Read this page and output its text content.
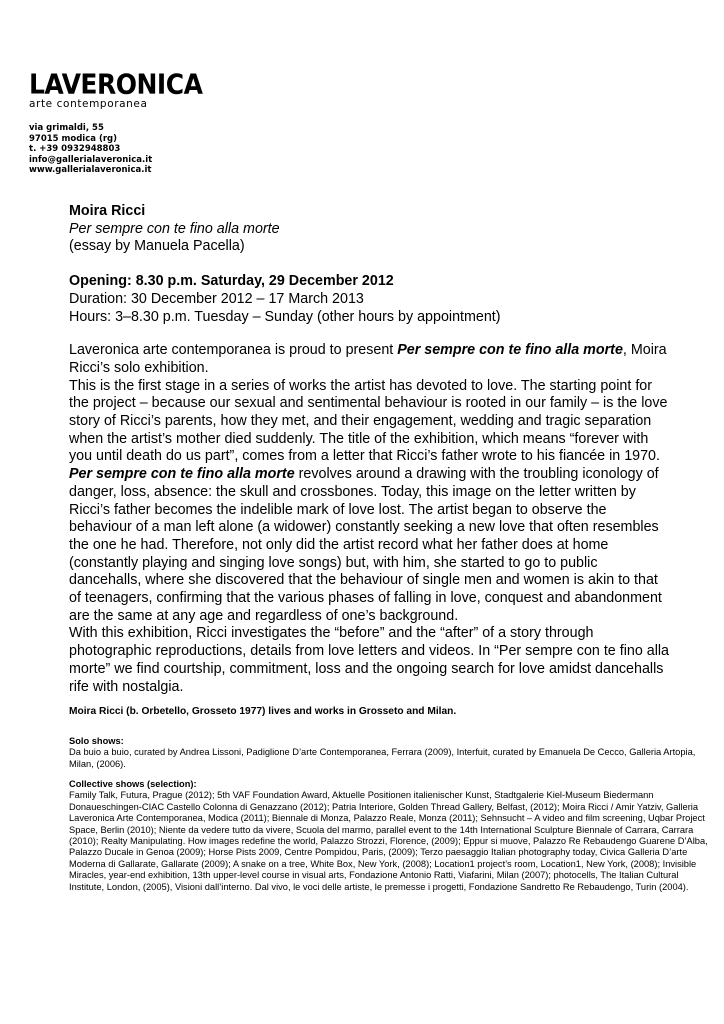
LAVERONICA
arte contemporanea
via grimaldi, 55
97015 modica (rg)
t. +39 0932948803
info@gallerialaveronica.it
www.gallerialaveronica.it
Moira Ricci
Per sempre con te fino alla morte
(essay by Manuela Pacella)
Opening: 8.30 p.m. Saturday, 29 December 2012
Duration: 30 December 2012 – 17 March 2013
Hours: 3–8.30 p.m. Tuesday – Sunday (other hours by appointment)
Laveronica arte contemporanea is proud to present Per sempre con te fino alla morte, Moira Ricci’s solo exhibition.
This is the first stage in a series of works the artist has devoted to love. The starting point for the project – because our sexual and sentimental behaviour is rooted in our family – is the love story of Ricci’s parents, how they met, and their engagement, wedding and tragic separation when the artist’s mother died suddenly. The title of the exhibition, which means “forever with you until death do us part”, comes from a letter that Ricci’s father wrote to his fiancée in 1970.
Per sempre con te fino alla morte revolves around a drawing with the troubling iconology of danger, loss, absence: the skull and crossbones. Today, this image on the letter written by Ricci’s father becomes the indelible mark of love lost. The artist began to observe the behaviour of a man left alone (a widower) constantly seeking a new love that often resembles the one he had. Therefore, not only did the artist record what her father does at home (constantly playing and singing love songs) but, with him, she started to go to public dancehalls, where she discovered that the behaviour of single men and women is akin to that of teenagers, confirming that the various phases of falling in love, conquest and abandonment are the same at any age and regardless of one’s background.
With this exhibition, Ricci investigates the “before” and the “after” of a story through photographic reproductions, details from love letters and videos. In “Per sempre con te fino alla morte” we find courtship, commitment, loss and the ongoing search for love amidst dancehalls rife with nostalgia.
Moira Ricci (b. Orbetello, Grosseto 1977) lives and works in Grosseto and Milan.
Solo shows:
Da buio a buio, curated by Andrea Lissoni, Padiglione D’arte Contemporanea, Ferrara (2009), Interfuit, curated by Emanuela De Cecco, Galleria Artopia, Milan, (2006).
Collective shows (selection):
Family Talk, Futura, Prague (2012); 5th VAF Foundation Award, Aktuelle Positionen italienischer Kunst, Stadtgalerie Kiel-Museum Biedermann Donaueschingen-CIAC Castello Colonna di Genazzano (2012); Patria Interiore, Golden Thread Gallery, Belfast, (2012); Moira Ricci / Amir Yatziv, Galleria Laveronica Arte Contemporanea, Modica (2011); Biennale di Monza, Palazzo Reale, Monza (2011); Sehnsucht – A video and film screening, Uqbar Project Space, Berlin (2010); Niente da vedere tutto da vivere, Scuola del marmo, parallel event to the 14th International Sculpture Biennale of Carrara, Carrara (2010); Realty Manipulating. How images redefine the world, Palazzo Strozzi, Florence, (2009); Eppur si muove, Palazzo Re Rebaudengo Guarene D’Alba, Palazzo Ducale in Genoa (2009); Horse Pists 2009, Centre Pompidou, Paris, (2009); Terzo paesaggio Italian photography today, Civica Galleria D’arte Moderna di Gallarate, Gallarate (2009); A snake on a tree, White Box, New York, (2008); Location1 project’s room, Location1, New York, (2008); Invisible Miracles, year-end exhibition, 13th upper-level course in visual arts, Fondazione Antonio Ratti, Viafarini, Milan (2007); photocells, The Italian Cultural Institute, London, (2005), Visioni dall’interno. Dal vivo, le voci delle artiste, le premesse i progetti, Fondazione Sandretto Re Rebaudengo, Turin (2004).
